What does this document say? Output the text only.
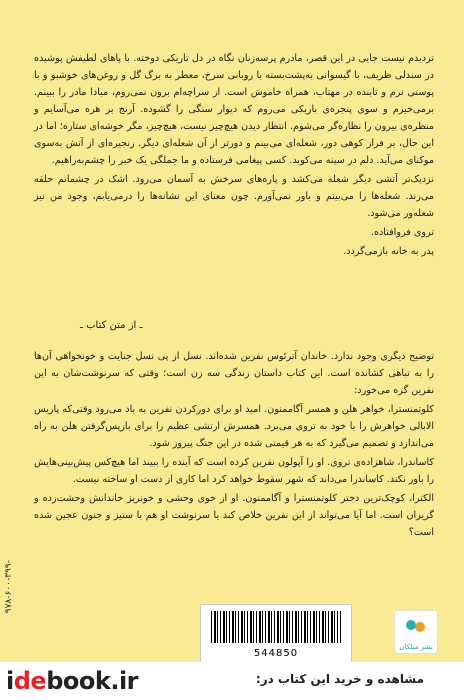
تردیدم نیست جایی در این قصر، مادرم پرسه‌زنان نگاه در دل تاریکی دوخته. با پاهای لطیفش پوشیده در سندلی ظریف، با گیسوانی به‌پشت‌بسته با روبانی سرخ، معطر به برگ گل و روغن‌های خوشبو و با پوستی نرم و تابنده در مهتاب، همراه خاموش است. از سراچه‌ام برون نمی‌روم، مبادا مادر را ببینم. برمی‌خیزم و سوی پنجره‌ی باریکی می‌روم که دیوار سنگی را گشوده. آرنج بر هره می‌آسایم و منظره‌ی بیرون را نظاره‌گر می‌شوم. انتظار دیدن هیچ‌چیز نیست، هیچ‌چیز، مگر خوشه‌ای ستاره؛ اما در این حال، بر فراز کوهی دور، شعله‌ای می‌بینم و دورتر از آن شعله‌ای دیگر. زنجیره‌ای از آتش به‌سوی موکنای می‌آید. دلم در سینه می‌کوبد. کسی پیغامی فرستاده و ما جملگی یک خبر را چشم‌به‌راهیم.

نزدیک‌تر آتشی دیگر شعله می‌کشد و پاره‌های سرخش به آسمان می‌رود. اشک در چشمانم حلقه می‌زند. شعله‌ها را می‌بینم و باور نمی‌آورم. چون معنای این نشانه‌ها را درمی‌یابم، وجود من نیز شعله‌ور می‌شود.

تروی فروافتاده.

پدر به خانه بازمی‌گردد.

ـ از متن کتاب ـ

توضیح دیگری وجود ندارد. خاندان آترئوس نفرین شده‌اند. نسل از پی نسل جنایت و خونخواهی آن‌ها را به تباهی کشانده است. این کتاب داستان زندگی سه زن است؛ وقتی که سرنوشت‌شان به این نفرین گره می‌خورد:

کلوتمنسترا، خواهر هلن و همسر آگاممنون. امید او برای دورکردن نفرین به باد می‌رود وقتی‌که پاریس الابالی خواهرش را با خود به تروی می‌برد. همسرش ارتشی عظیم را برای بازپس‌گرفتن هلن به راه می‌اندازد و تصمیم می‌گیرد که به هر قیمتی شده در این جنگ پیروز شود.

کاساندرا، شاهزاده‌ی تروی. او را آپولون نفرین کرده است که آینده را ببیند اما هیچ‌کس پیش‌بینی‌هایش را باور نکند. کاساندرا می‌داند که شهر سقوط خواهد کرد اما کاری از دست او ساخته نیست.

الکترا، کوچک‌ترین دختر کلوتمنسترا و آگاممنون. او از خوی وحشی و خونریز خاندانش وحشت‌زده و گریزان است. اما آیا می‌تواند از این نفرین خلاص کند یا سرنوشت او هم با ستیز و جنون عجین شده است؟

۹۷۸-۶۰۰-۳۹۹-
544850
نشر میلکان
idebook.ir	مشاهده و خرید این کتاب در:
